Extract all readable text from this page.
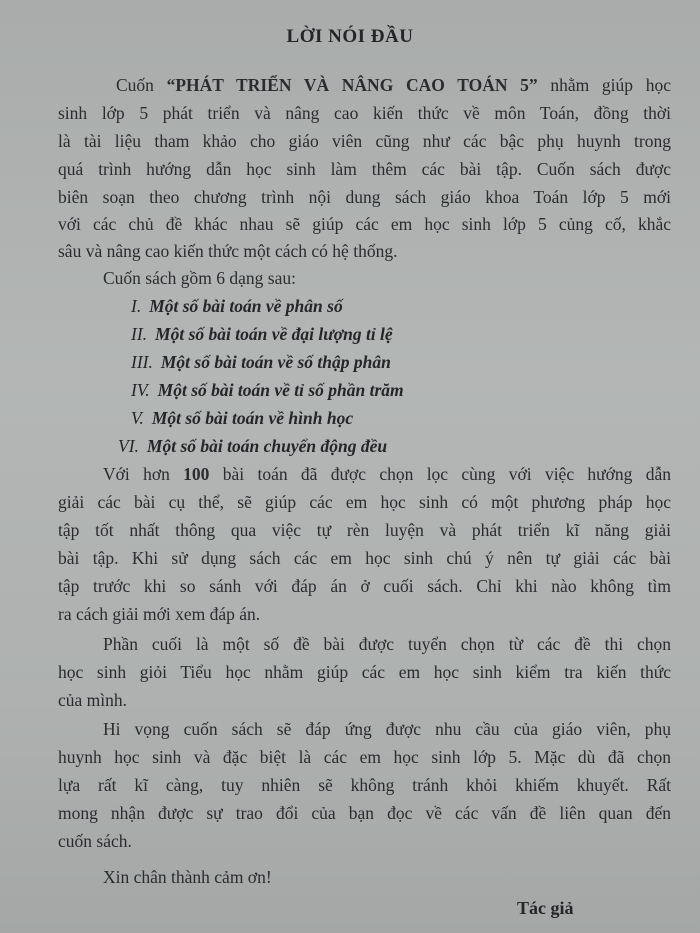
LỜI NÓI ĐẦU
Cuốn “PHÁT TRIỂN VÀ NÂNG CAO TOÁN 5” nhằm giúp học
sinh lớp 5 phát triển và nâng cao kiến thức về môn Toán, đồng thời
là tài liệu tham khảo cho giáo viên cũng như các bậc phụ huynh trong
quá trình hướng dẫn học sinh làm thêm các bài tập. Cuốn sách được
biên soạn theo chương trình nội dung sách giáo khoa Toán lớp 5 mới
với các chủ đề khác nhau sẽ giúp các em học sinh lớp 5 củng cố, khắc
sâu và nâng cao kiến thức một cách có hệ thống.
Cuốn sách gồm 6 dạng sau:
I. Một số bài toán về phân số
II. Một số bài toán về đại lượng tỉ lệ
III. Một số bài toán về số thập phân
IV. Một số bài toán về tỉ số phần trăm
V. Một số bài toán về hình học
VI. Một số bài toán chuyển động đều
Với hơn 100 bài toán đã được chọn lọc cùng với việc hướng dẫn
giải các bài cụ thể, sẽ giúp các em học sinh có một phương pháp học
tập tốt nhất thông qua việc tự rèn luyện và phát triển kĩ năng giải
bài tập. Khi sử dụng sách các em học sinh chú ý nên tự giải các bài
tập trước khi so sánh với đáp án ở cuối sách. Chỉ khi nào không tìm
ra cách giải mới xem đáp án.
Phần cuối là một số đề bài được tuyển chọn từ các đề thi chọn
học sinh giỏi Tiểu học nhằm giúp các em học sinh kiểm tra kiến thức
của mình.
Hi vọng cuốn sách sẽ đáp ứng được nhu cầu của giáo viên, phụ
huynh học sinh và đặc biệt là các em học sinh lớp 5. Mặc dù đã chọn
lựa rất kĩ càng, tuy nhiên sẽ không tránh khỏi khiếm khuyết. Rất
mong nhận được sự trao đổi của bạn đọc về các vấn đề liên quan đến
cuốn sách.
Xin chân thành cảm ơn!
Tác giả
